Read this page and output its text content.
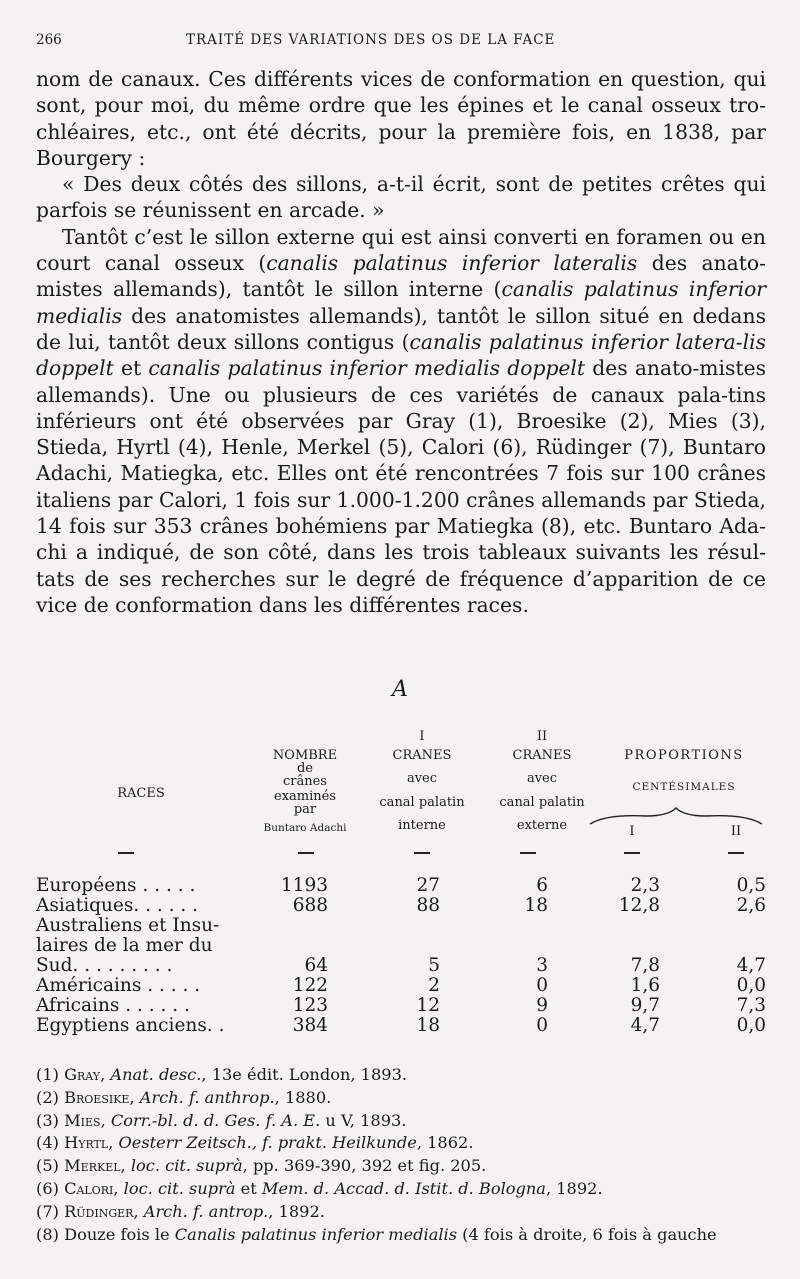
266	TRAITÉ DES VARIATIONS DES OS DE LA FACE

nom de canaux. Ces différents vices de conformation en question, qui sont, pour moi, du même ordre que les épines et le canal osseux tro-chléaires, etc., ont été décrits, pour la première fois, en 1838, par Bourgery :

« Des deux côtés des sillons, a-t-il écrit, sont de petites crêtes qui parfois se réunissent en arcade. »

Tantôt c’est le sillon externe qui est ainsi converti en foramen ou en court canal osseux (canalis palatinus inferior lateralis des anato-mistes allemands), tantôt le sillon interne (canalis palatinus inferior medialis des anatomistes allemands), tantôt le sillon situé en dedans de lui, tantôt deux sillons contigus (canalis palatinus inferior latera-lis doppelt et canalis palatinus inferior medialis doppelt des anato-mistes allemands). Une ou plusieurs de ces variétés de canaux pala-tins inférieurs ont été observées par Gray (1), Broesike (2), Mies (3), Stieda, Hyrtl (4), Henle, Merkel (5), Calori (6), Rüdinger (7), Buntaro Adachi, Matiegka, etc. Elles ont été rencontrées 7 fois sur 100 crânes italiens par Calori, 1 fois sur 1.000-1.200 crânes allemands par Stieda, 14 fois sur 353 crânes bohémiens par Matiegka (8), etc. Buntaro Ada-chi a indiqué, de son côté, dans les trois tableaux suivants les résul-tats de ses recherches sur le degré de fréquence d’apparition de ce vice de conformation dans les différentes races.

A
RACES
NOMBRE
de
crânes
examinés
par
Buntaro Adachi
I
CRANES
avec
canal palatin
interne
II
CRANES
avec
canal palatin
externe
PROPORTIONS
CENTÉSIMALES
I	II
Européens . . . . .	1193	27	6	2,3	0,5
Asiatiques. . . . . .	688	88	18	12,8	2,6

Australiens et Insu-
laires de la mer du
Sud. . . . . . . . .	64	5	3	7,8	4,7
Américains . . . . .	122	2	0	1,6	0,0
Africains . . . . . .	123	12	9	9,7	7,3
Egyptiens anciens. .	384	18	0	4,7	0,0
(1) Gray, Anat. desc., 13e édit. London, 1893.
(2) Broesike, Arch. f. anthrop., 1880.
(3) Mies, Corr.-bl. d. d. Ges. f. A. E. u V, 1893.
(4) Hyrtl, Oesterr Zeitsch., f. prakt. Heilkunde, 1862.
(5) Merkel, loc. cit. suprà, pp. 369-390, 392 et fig. 205.
(6) Calori, loc. cit. suprà et Mem. d. Accad. d. Istit. d. Bologna, 1892.
(7) Rüdinger, Arch. f. antrop., 1892.
(8) Douze fois le Canalis palatinus inferior medialis (4 fois à droite, 6 fois à gauche
